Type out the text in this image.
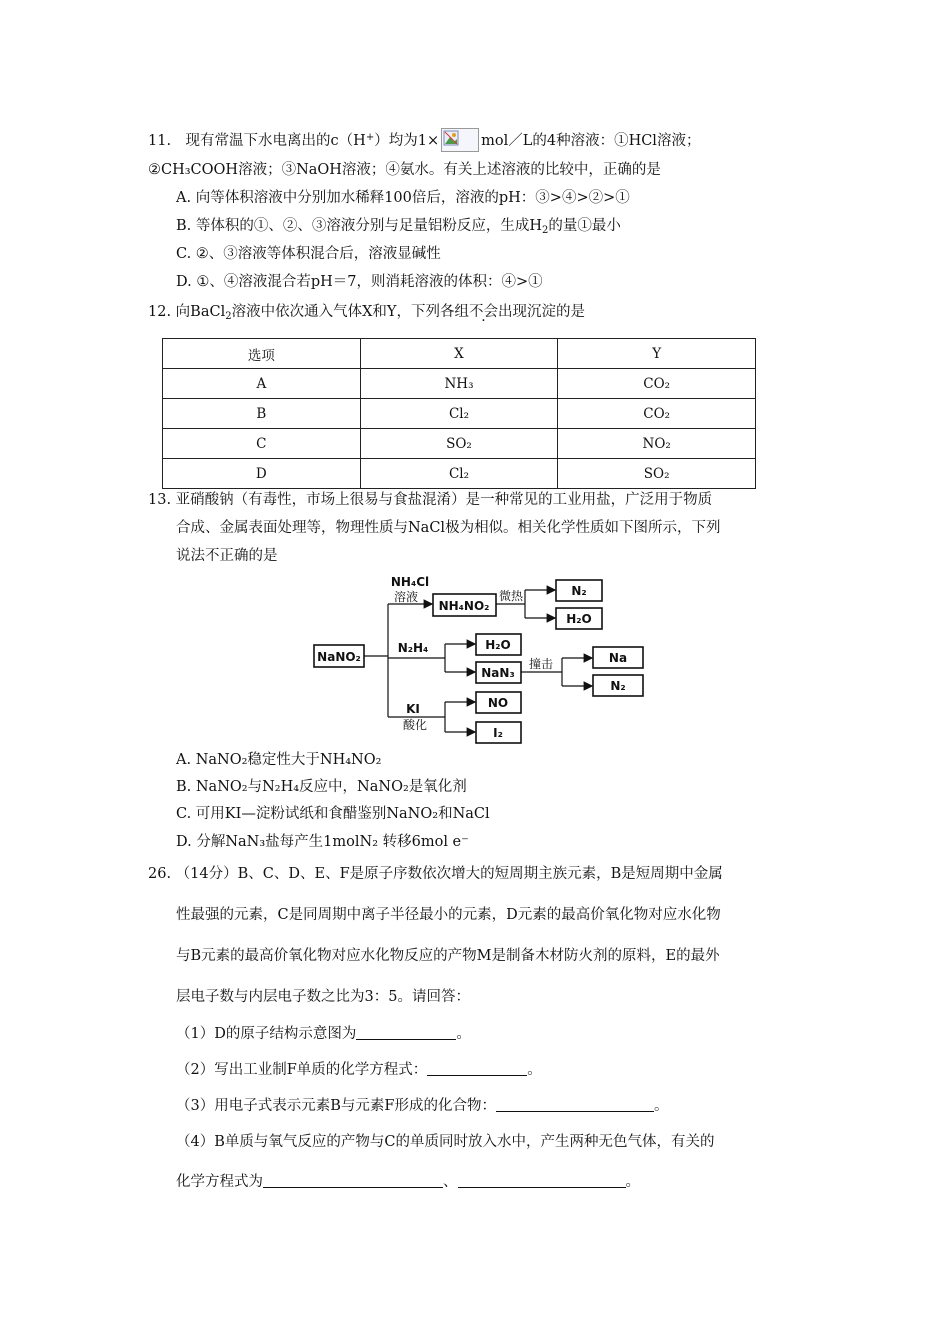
11.　现有常温下水电离出的c（H+）均为1×	mol／L的4种溶液：①HCl溶液；
②CH₃COOH溶液；③NaOH溶液；④氨水。有关上述溶液的比较中，正确的是
A. 向等体积溶液中分别加水稀释100倍后，溶液的pH：③>④>②>①
B. 等体积的①、②、③溶液分别与足量铝粉反应，生成$H_2$的量①最小
C. ②、③溶液等体积混合后，溶液显碱性
D. ①、④溶液混合若pH＝7，则消耗溶液的体积：④>①
12. 向BaCl$_2$溶液中依次通入气体X和Y，下列各组不会出现沉淀的是
选项	X	Y
A	NH₃	CO₂
B	Cl₂	CO₂
C	SO₂	NO₂
D	Cl₂	SO₂
13. 亚硝酸钠（有毒性，市场上很易与食盐混淆）是一种常见的工业用盐，广泛用于物质
合成、金属表面处理等，物理性质与NaCl极为相似。相关化学性质如下图所示，下列
说法不正确的是
NaNO₂
NH₄Cl
溶液
NH₄NO₂
微热	N₂
H₂O
N₂H₄	H₂O
NaN₃
撞击	Na
N₂
KI
酸化
NO
I₂
A. NaNO₂稳定性大于NH₄NO₂
B. NaNO₂与N₂H₄反应中，NaNO₂是氧化剂
C. 可用KI—淀粉试纸和食醋鉴别NaNO₂和NaCl
D. 分解NaN₃盐每产生1molN₂ 转移6mol e⁻
26. （14分）B、C、D、E、F是原子序数依次增大的短周期主族元素，B是短周期中金属
性最强的元素，C是同周期中离子半径最小的元素，D元素的最高价氧化物对应水化物
与B元素的最高价氧化物对应水化物反应的产物M是制备木材防火剂的原料，E的最外
层电子数与内层电子数之比为3：5。请回答：
（1）D的原子结构示意图为	。
（2）写出工业制F单质的化学方程式：	。
（3）用电子式表示元素B与元素F形成的化合物：	。
（4）B单质与氧气反应的产物与C的单质同时放入水中，产生两种无色气体，有关的
化学方程式为	、	。
